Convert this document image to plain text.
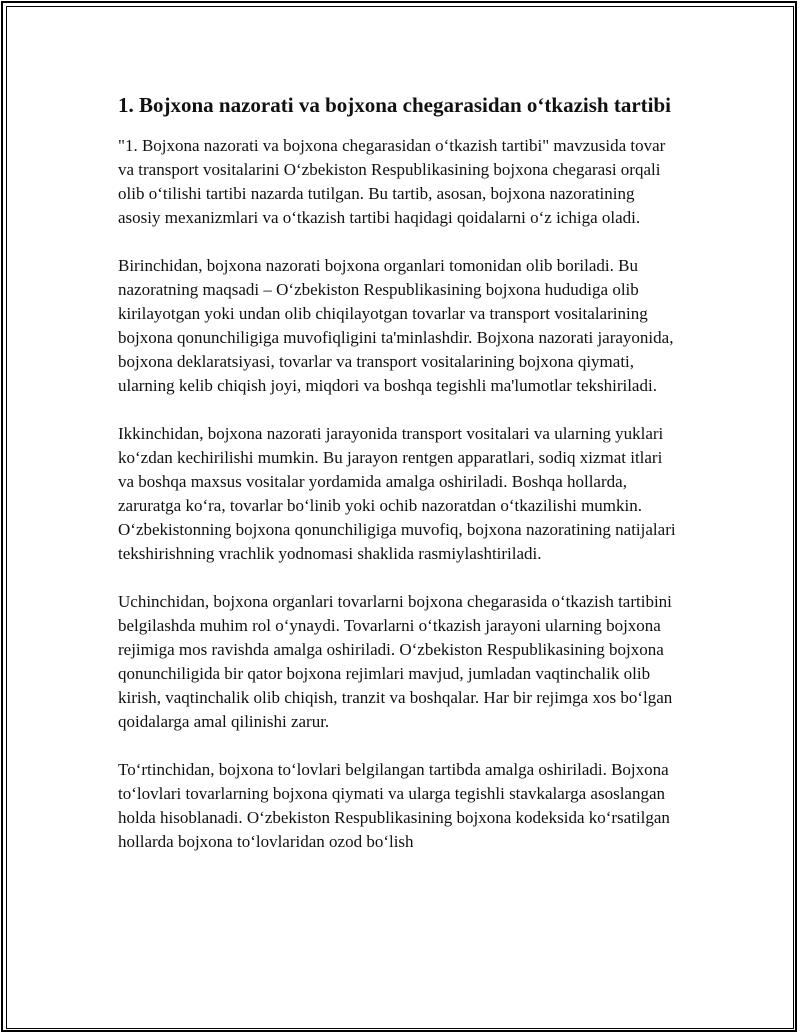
1. Bojxona nazorati va bojxona chegarasidan o‘tkazish tartibi

"1. Bojxona nazorati va bojxona chegarasidan o‘tkazish tartibi" mavzusida tovar va transport vositalarini O‘zbekiston Respublikasining bojxona chegarasi orqali olib o‘tilishi tartibi nazarda tutilgan. Bu tartib, asosan, bojxona nazoratining asosiy mexanizmlari va o‘tkazish tartibi haqidagi qoidalarni o‘z ichiga oladi.

Birinchidan, bojxona nazorati bojxona organlari tomonidan olib boriladi. Bu nazoratning maqsadi – O‘zbekiston Respublikasining bojxona hududiga olib kirilayotgan yoki undan olib chiqilayotgan tovarlar va transport vositalarining bojxona qonunchiligiga muvofiqligini ta'minlashdir. Bojxona nazorati jarayonida, bojxona deklaratsiyasi, tovarlar va transport vositalarining bojxona qiymati, ularning kelib chiqish joyi, miqdori va boshqa tegishli ma'lumotlar tekshiriladi.

Ikkinchidan, bojxona nazorati jarayonida transport vositalari va ularning yuklari ko‘zdan kechirilishi mumkin. Bu jarayon rentgen apparatlari, sodiq xizmat itlari va boshqa maxsus vositalar yordamida amalga oshiriladi. Boshqa hollarda, zaruratga ko‘ra, tovarlar bo‘linib yoki ochib nazoratdan o‘tkazilishi mumkin. O‘zbekistonning bojxona qonunchiligiga muvofiq, bojxona nazoratining natijalari tekshirishning vrachlik yodnomasi shaklida rasmiylashtiriladi.

Uchinchidan, bojxona organlari tovarlarni bojxona chegarasida o‘tkazish tartibini belgilashda muhim rol o‘ynaydi. Tovarlarni o‘tkazish jarayoni ularning bojxona rejimiga mos ravishda amalga oshiriladi. O‘zbekiston Respublikasining bojxona qonunchiligida bir qator bojxona rejimlari mavjud, jumladan vaqtinchalik olib kirish, vaqtinchalik olib chiqish, tranzit va boshqalar. Har bir rejimga xos bo‘lgan qoidalarga amal qilinishi zarur.

To‘rtinchidan, bojxona to‘lovlari belgilangan tartibda amalga oshiriladi. Bojxona to‘lovlari tovarlarning bojxona qiymati va ularga tegishli stavkalarga asoslangan holda hisoblanadi. O‘zbekiston Respublikasining bojxona kodeksida ko‘rsatilgan hollarda bojxona to‘lovlaridan ozod bo‘lish
